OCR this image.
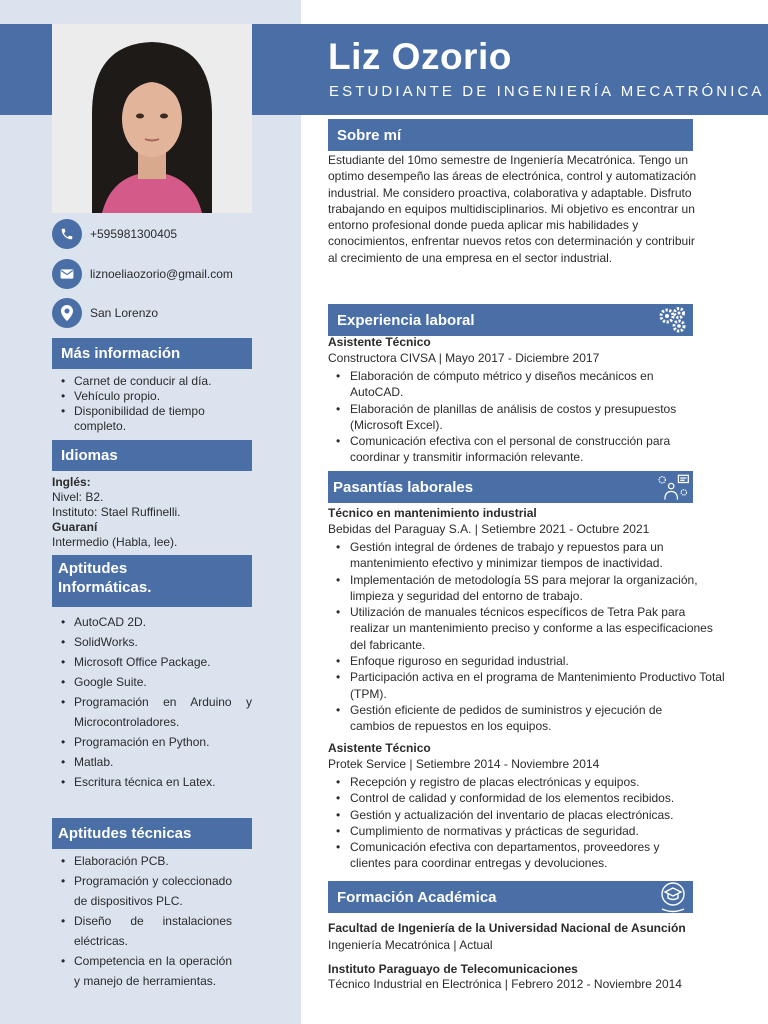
Liz Ozorio
ESTUDIANTE DE INGENIERÍA MECATRÓNICA
+595981300405
liznoeliaozorio@gmail.com
San Lorenzo
Más información
• Carnet de conducir al día.
• Vehículo propio.
• Disponibilidad de tiempo completo.
Idiomas
Inglés:
Nivel: B2.
Instituto: Stael Ruffinelli.
Guaraní
Intermedio (Habla, lee).
Aptitudes Informáticas.
• AutoCAD 2D.
• SolidWorks.
• Microsoft Office Package.
• Google Suite.
• Programación en Arduino y Microcontroladores.
• Programación en Python.
• Matlab.
• Escritura técnica en Latex.
Aptitudes técnicas
• Elaboración PCB.
• Programación y coleccionado de dispositivos PLC.
• Diseño de instalaciones eléctricas.
• Competencia en la operación y manejo de herramientas.
Sobre mí
Estudiante del 10mo semestre de Ingeniería Mecatrónica. Tengo un optimo desempeño las áreas de electrónica, control y automatización industrial. Me considero proactiva, colaborativa y adaptable. Disfruto trabajando en equipos multidisciplinarios. Mi objetivo es encontrar un entorno profesional donde pueda aplicar mis habilidades y conocimientos, enfrentar nuevos retos con determinación y contribuir al crecimiento de una empresa en el sector industrial.
Experiencia laboral
Asistente Técnico
Constructora CIVSA | Mayo 2017 - Diciembre 2017
• Elaboración de cómputo métrico y diseños mecánicos en AutoCAD.
• Elaboración de planillas de análisis de costos y presupuestos (Microsoft Excel).
• Comunicación efectiva con el personal de construcción para coordinar y transmitir información relevante.
Pasantías laborales
Técnico en mantenimiento industrial
Bebidas del Paraguay S.A. | Setiembre 2021 - Octubre 2021
• Gestión integral de órdenes de trabajo y repuestos para un mantenimiento efectivo y minimizar tiempos de inactividad.
• Implementación de metodología 5S para mejorar la organización, limpieza y seguridad del entorno de trabajo.
• Utilización de manuales técnicos específicos de Tetra Pak para realizar un mantenimiento preciso y conforme a las especificaciones del fabricante.
• Enfoque riguroso en seguridad industrial.
• Participación activa en el programa de Mantenimiento Productivo Total (TPM).
• Gestión eficiente de pedidos de suministros y ejecución de cambios de repuestos en los equipos.
Asistente Técnico
Protek Service | Setiembre 2014 - Noviembre 2014
• Recepción y registro de placas electrónicas y equipos.
• Control de calidad y conformidad de los elementos recibidos.
• Gestión y actualización del inventario de placas electrónicas.
• Cumplimiento de normativas y prácticas de seguridad.
• Comunicación efectiva con departamentos, proveedores y clientes para coordinar entregas y devoluciones.
Formación Académica
Facultad de Ingeniería de la Universidad Nacional de Asunción
Ingeniería Mecatrónica | Actual
Instituto Paraguayo de Telecomunicaciones
Técnico Industrial en Electrónica | Febrero 2012 - Noviembre 2014
